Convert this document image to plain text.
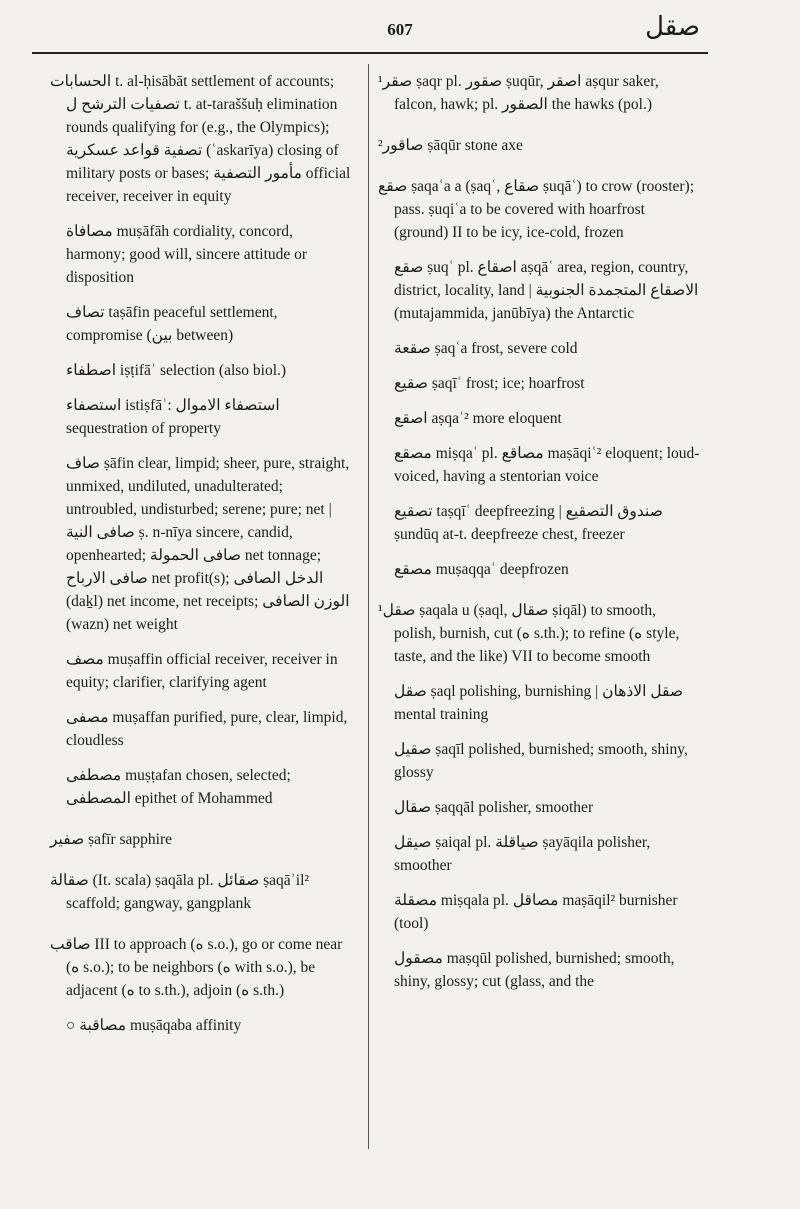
607	صقل

الحسابات t. al-ḥisābāt settlement of accounts; تصفيات الترشح ل t. at-taraššuḥ elimination rounds qualifying for (e.g., the Olympics); تصفية قواعد عسكرية (ʿaskarīya) closing of military posts or bases; مأمور التصفية official receiver, receiver in equity

مصافاة muṣāfāh cordiality, concord, harmony; good will, sincere attitude or disposition

تصاف taṣāfin peaceful settlement, compromise (بين between)

اصطفاء iṣṭifāʾ selection (also biol.)

استصفاء istiṣfāʾ: استصفاء الاموال sequestration of property

صاف ṣāfin clear, limpid; sheer, pure, straight, unmixed, undiluted, unadulterated; untroubled, undisturbed; serene; pure; net | صافى النية ṣ. n-nīya sincere, candid, openhearted; صافى الحمولة net tonnage; صافى الارباح net profit(s); الدخل الصافى (daḵl) net income, net receipts; الوزن الصافى (wazn) net weight

مصف muṣaffin official receiver, receiver in equity; clarifier, clarifying agent

مصفى muṣaffan purified, pure, clear, limpid, cloudless

مصطفى muṣṭafan chosen, selected; المصطفى epithet of Mohammed

صفير ṣafīr sapphire

صقالة (It. scala) ṣaqāla pl. صقائل ṣaqāʾil² scaffold; gangway, gangplank

صاقب III to approach (ه s.o.), go or come near (ه s.o.); to be neighbors (ه with s.o.), be adjacent (ه to s.th.), adjoin (ه s.th.)

○ مصاقبة muṣāqaba affinity

¹صقر ṣaqr pl. صقور ṣuqūr, اصقر aṣqur saker, falcon, hawk; pl. الصقور the hawks (pol.)

²صاقور ṣāqūr stone axe

صقع ṣaqaʿa a (ṣaqʿ, صقاع ṣuqāʿ) to crow (rooster); pass. ṣuqiʿa to be covered with hoarfrost (ground) II to be icy, ice-cold, frozen

صقع ṣuqʿ pl. اصقاع aṣqāʿ area, region, country, district, locality, land | الاصقاع المتجمدة الجنوبية (mutajammida, janūbīya) the Antarctic

صقعة ṣaqʿa frost, severe cold

صقيع ṣaqīʿ frost; ice; hoarfrost

اصقع aṣqaʿ² more eloquent

مصقع miṣqaʿ pl. مصاقع maṣāqiʿ² eloquent; loud-voiced, having a stentorian voice

تصقيع taṣqīʿ deepfreezing | صندوق التصقيع ṣundūq at-t. deepfreeze chest, freezer

مصقع muṣaqqaʿ deepfrozen

¹صقل ṣaqala u (ṣaql, صقال ṣiqāl) to smooth, polish, burnish, cut (ه s.th.); to refine (ه style, taste, and the like) VII to become smooth

صقل ṣaql polishing, burnishing | صقل الاذهان mental training

صقيل ṣaqīl polished, burnished; smooth, shiny, glossy

صقال ṣaqqāl polisher, smoother

صيقل ṣaiqal pl. صياقلة ṣayāqila polisher, smoother

مصقلة miṣqala pl. مصاقل maṣāqil² burnisher (tool)

مصقول maṣqūl polished, burnished; smooth, shiny, glossy; cut (glass, and the
